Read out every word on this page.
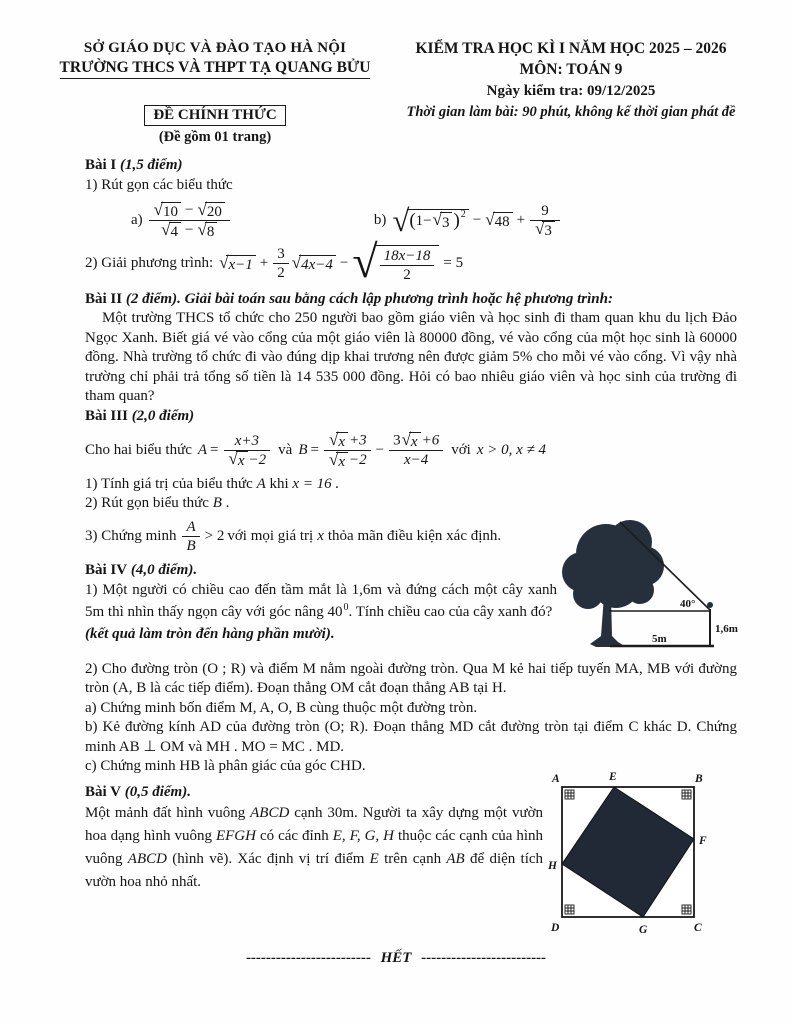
SỞ GIÁO DỤC VÀ ĐÀO TẠO HÀ NỘI
TRƯỜNG THCS VÀ THPT TẠ QUANG BỬU
ĐỀ CHÍNH THỨC
(Đề gồm 01 trang)
KIỂM TRA HỌC KÌ I NĂM HỌC 2025 – 2026
MÔN: TOÁN 9
Ngày kiểm tra: 09/12/2025
Thời gian làm bài: 90 phút, không kể thời gian phát đề

Bài I (1,5 điểm)

1) Rút gọn các biểu thức

a) √ 10 − √ 20
√ 4 − √ 8	b) √ ( 1− √ 3 ) 2 − √ 48 + 9
√ 3
2) Giải phương trình: √ $x-1 + \frac{3}{2}$ √ 4x−4 − √ $\frac{18x-18}{2} = 5$

Bài II (2 điểm). Giải bài toán sau bằng cách lập phương trình hoặc hệ phương trình:

Một trường THCS tổ chức cho 250 người bao gồm giáo viên và học sinh đi tham quan khu du lịch Đảo Ngọc Xanh. Biết giá vé vào cổng của một giáo viên là 80000 đồng, vé vào cổng của một học sinh là 60000 đồng. Nhà trường tổ chức đi vào đúng dịp khai trương nên được giảm 5% cho mỗi vé vào cổng. Vì vậy nhà trường chỉ phải trả tổng số tiền là 14 535 000 đồng. Hỏi có bao nhiêu giáo viên và học sinh của trường đi tham quan?

Bài III (2,0 điểm)

Cho hai biểu thức A = x+3
√ x −2 và B = √ x +3
√ $x -2 - \frac{3 √ x +6}{x-4}$ với x > 0, x ≠ 4

1) Tính giá trị của biểu thức A khi x = 16 .

2) Rút gọn biểu thức B .

3) Chứng minh $\frac{A}{B} > 2$ với mọi giá trị x thỏa mãn điều kiện xác định.

Bài IV (4,0 điểm).

1) Một người có chiều cao đến tầm mắt là 1,6m và đứng cách một cây xanh 5m thì nhìn thấy ngọn cây với góc nâng $40^0$. Tính chiều cao của cây xanh đó?

(kết quả làm tròn đến hàng phần mười).

2) Cho đường tròn (O ; R) và điểm M nằm ngoài đường tròn. Qua M kẻ hai tiếp tuyến MA, MB với đường tròn (A, B là các tiếp điểm). Đoạn thẳng OM cắt đoạn thẳng AB tại H.

a) Chứng minh bốn điểm M, A, O, B cùng thuộc một đường tròn.

b) Kẻ đường kính AD của đường tròn (O; R). Đoạn thẳng MD cắt đường tròn tại điểm C khác D. Chứng minh AB ⊥ OM và MH . MO = MC . MD.

c) Chứng minh HB là phân giác của góc CHD.

Bài V (0,5 điểm).

Một mảnh đất hình vuông ABCD cạnh 30m. Người ta xây dựng một vườn hoa dạng hình vuông EFGH có các đỉnh E, F, G, H thuộc các cạnh của hình vuông ABCD (hình vẽ). Xác định vị trí điểm E trên cạnh AB để diện tích vườn hoa nhỏ nhất.

40°
5m
1,6m
A	E	B
F
H
D	G	C
------------------------- HẾT -------------------------
